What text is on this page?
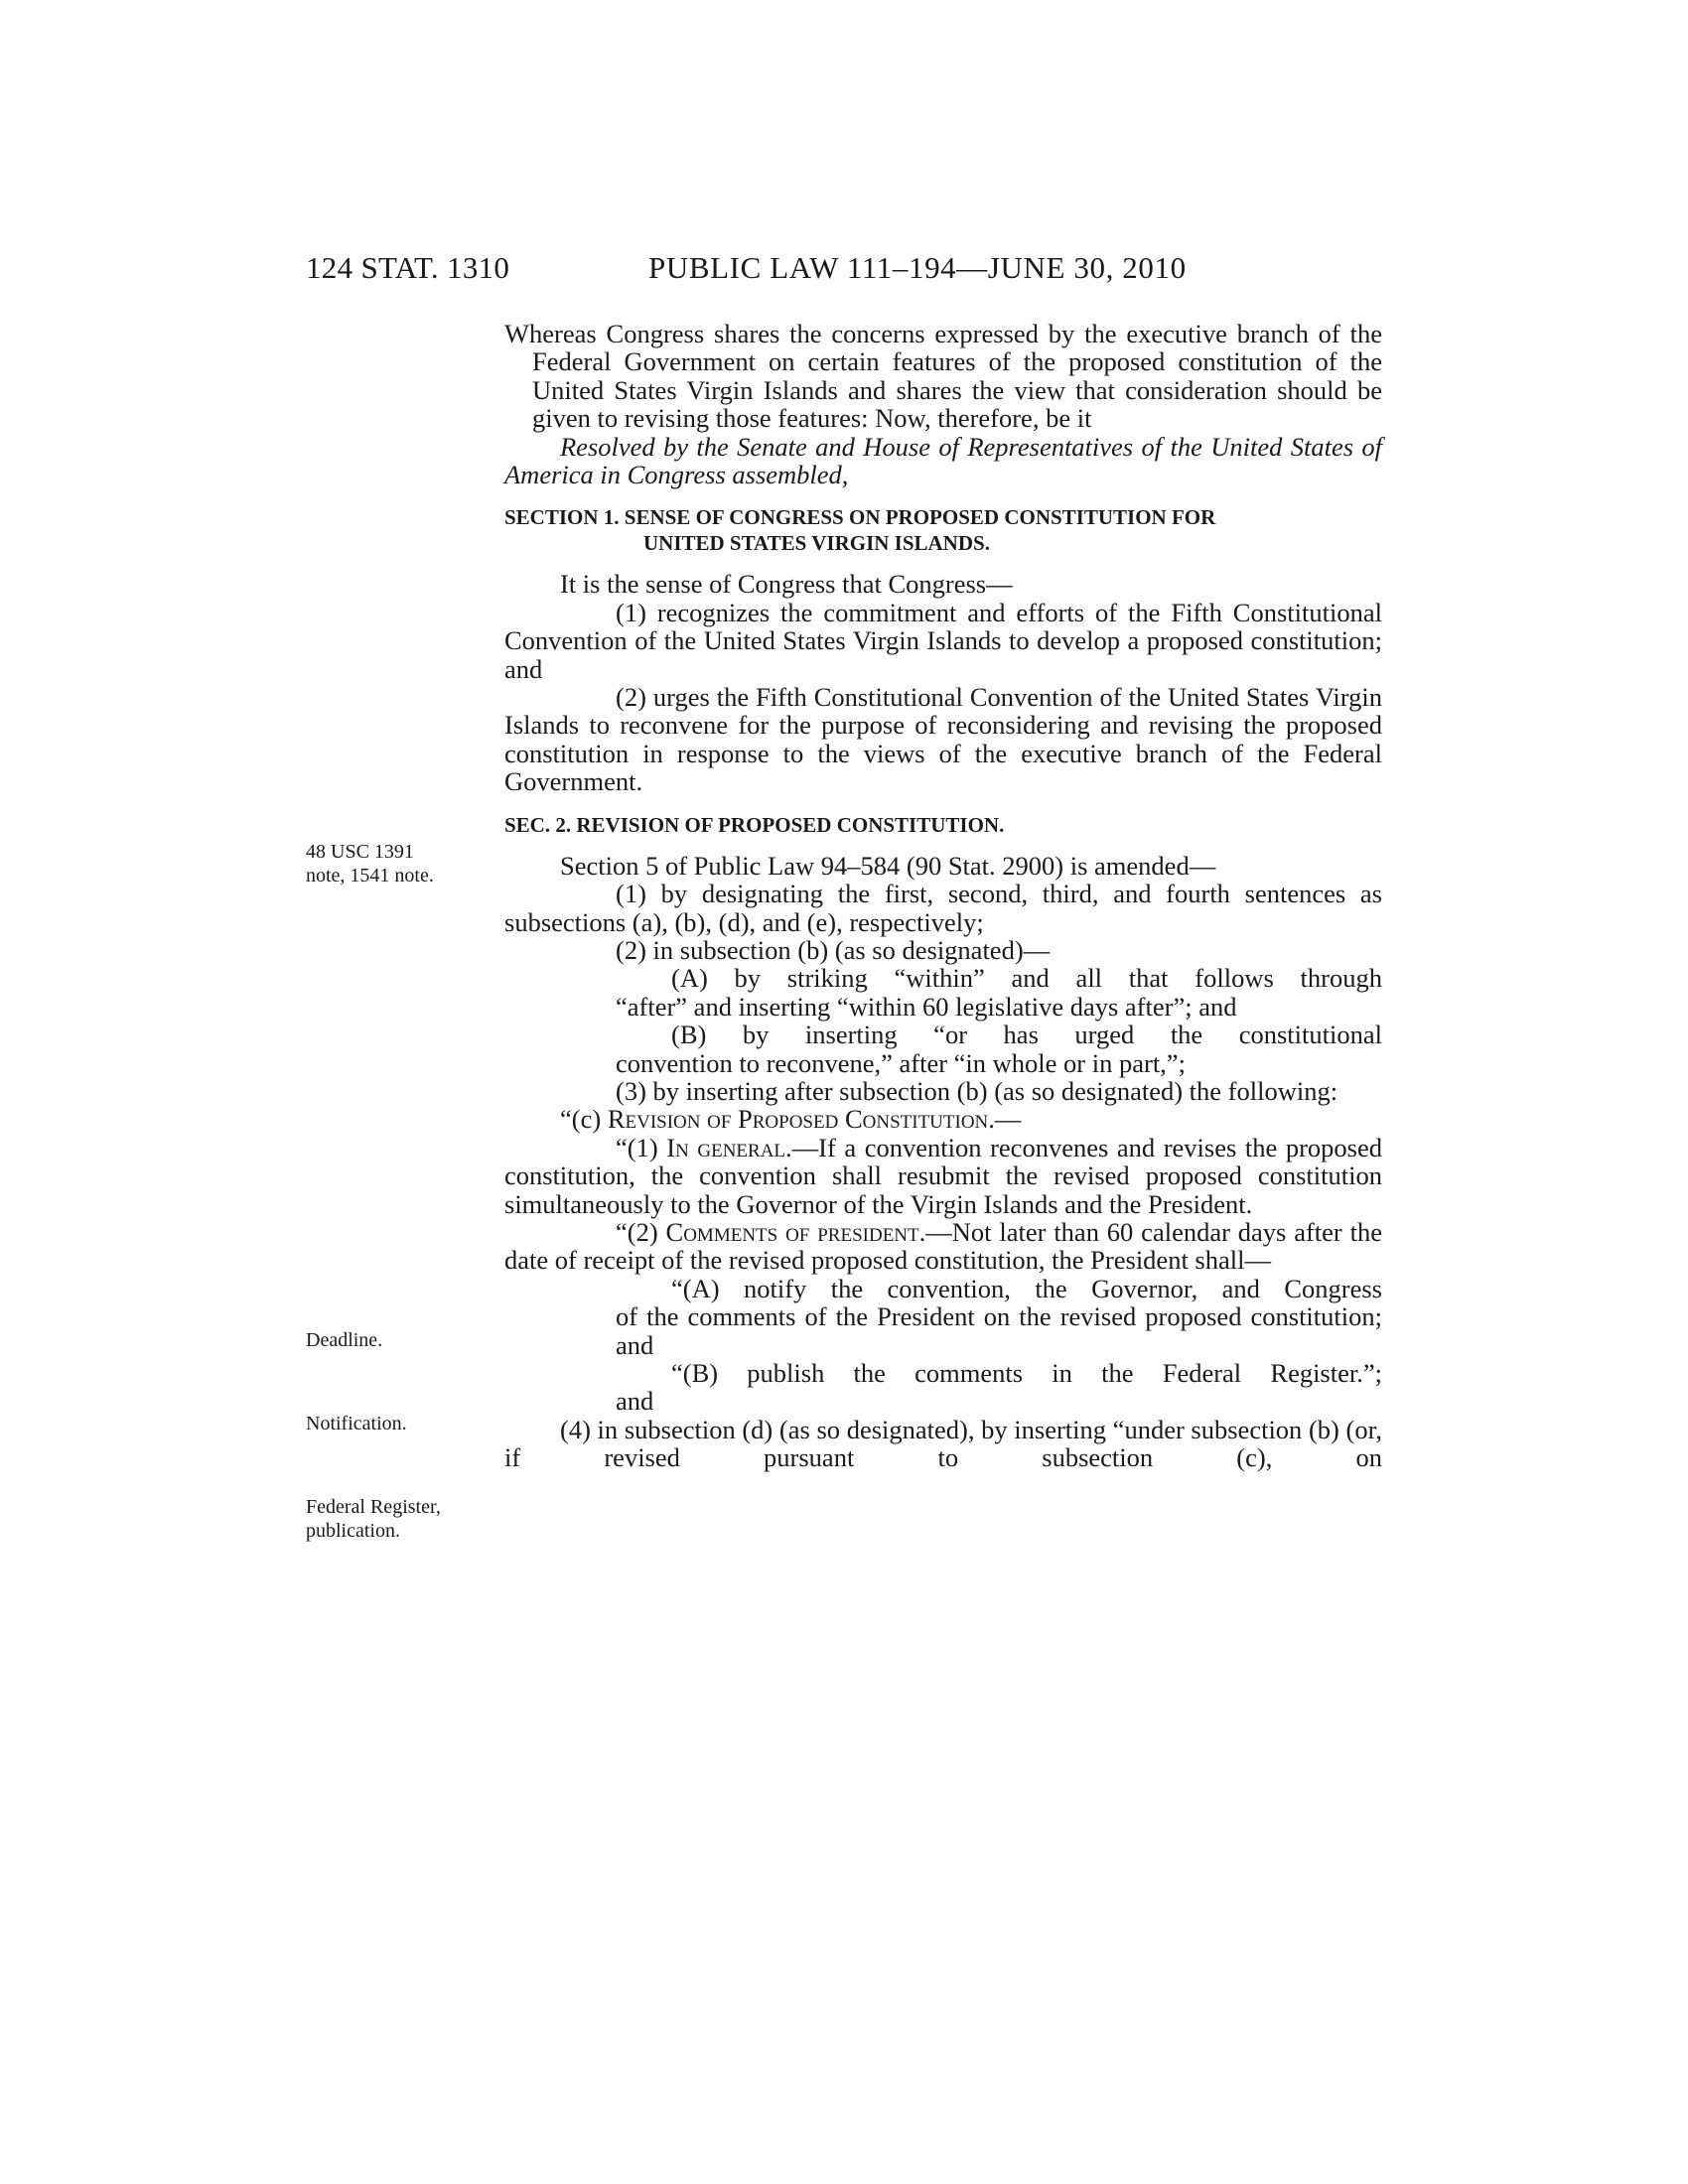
124 STAT. 1310	PUBLIC LAW 111–194—JUNE 30, 2010
48 USC 1391
note, 1541 note.
Deadline.
Notification.
Federal Register,
publication.

Whereas Congress shares the concerns expressed by the executive branch of the Federal Government on certain features of the proposed constitution of the United States Virgin Islands and shares the view that consideration should be given to revising those features: Now, therefore, be it

Resolved by the Senate and House of Representatives of the United States of America in Congress assembled,

SECTION 1. SENSE OF CONGRESS ON PROPOSED CONSTITUTION FOR
UNITED STATES VIRGIN ISLANDS.

It is the sense of Congress that Congress—

(1) recognizes the commitment and efforts of the Fifth Constitutional Convention of the United States Virgin Islands to develop a proposed constitution; and

(2) urges the Fifth Constitutional Convention of the United States Virgin Islands to reconvene for the purpose of reconsidering and revising the proposed constitution in response to the views of the executive branch of the Federal Government.

SEC. 2. REVISION OF PROPOSED CONSTITUTION.

Section 5 of Public Law 94–584 (90 Stat. 2900) is amended—

(1) by designating the first, second, third, and fourth sentences as subsections (a), (b), (d), and (e), respectively;

(2) in subsection (b) (as so designated)—

(A) by striking “within” and all that follows through

“after” and inserting “within 60 legislative days after”; and

(B) by inserting “or has urged the constitutional

convention to reconvene,” after “in whole or in part,”;

(3) by inserting after subsection (b) (as so designated) the following:

“(c) Revision of Proposed Constitution.—

“(1) In general.—If a convention reconvenes and revises the proposed constitution, the convention shall resubmit the revised proposed constitution simultaneously to the Governor of the Virgin Islands and the President.

“(2) Comments of president.—Not later than 60 calendar days after the date of receipt of the revised proposed constitution, the President shall—

“(A) notify the convention, the Governor, and Congress

of the comments of the President on the revised proposed constitution; and

“(B) publish the comments in the Federal Register.”;

and

(4) in subsection (d) (as so designated), by inserting “under subsection (b) (or, if revised pursuant to subsection (c), on
